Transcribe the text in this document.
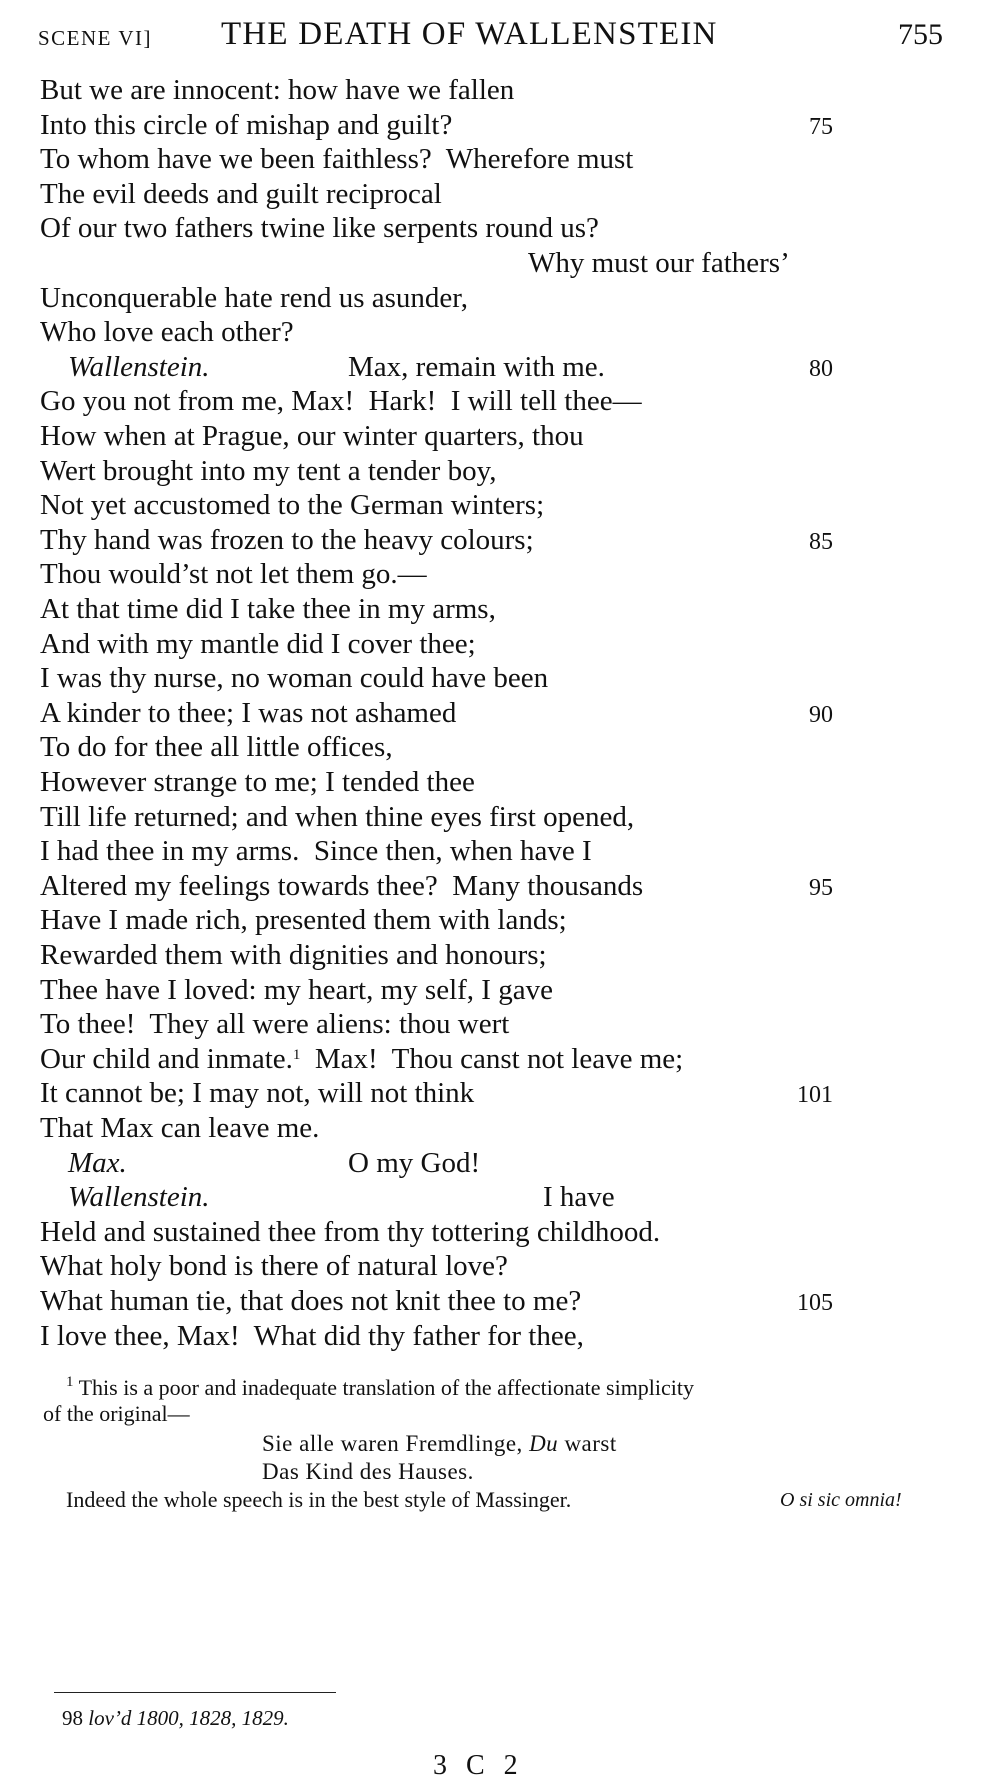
SCENE VI] THE DEATH OF WALLENSTEIN	755
But we are innocent: how have we fallen
Into this circle of mishap and guilt?	75
To whom have we been faithless?  Wherefore must
The evil deeds and guilt reciprocal
Of our two fathers twine like serpents round us?
Why must our fathers’
Unconquerable hate rend us asunder,
Who love each other?
Wallenstein.	Max, remain with me.	80
Go you not from me, Max!  Hark!  I will tell thee—
How when at Prague, our winter quarters, thou
Wert brought into my tent a tender boy,
Not yet accustomed to the German winters;
Thy hand was frozen to the heavy colours;	85
Thou would’st not let them go.—
At that time did I take thee in my arms,
And with my mantle did I cover thee;
I was thy nurse, no woman could have been
A kinder to thee; I was not ashamed	90
To do for thee all little offices,
However strange to me; I tended thee
Till life returned; and when thine eyes first opened,
I had thee in my arms.  Since then, when have I
Altered my feelings towards thee?  Many thousands	95
Have I made rich, presented them with lands;
Rewarded them with dignities and honours;
Thee have I loved: my heart, my self, I gave
To thee!  They all were aliens: thou wert
Our child and inmate.$^1$  Max!  Thou canst not leave me;
It cannot be; I may not, will not think	101
That Max can leave me.
Max.	O my God!
Wallenstein.	I have
Held and sustained thee from thy tottering childhood.
What holy bond is there of natural love?
What human tie, that does not knit thee to me?	105
I love thee, Max!  What did thy father for thee,
$^1$ This is a poor and inadequate translation of the affectionate simplicity
of the original—
Sie alle waren Fremdlinge, Du warst
Das Kind des Hauses.
Indeed the whole speech is in the best style of Massinger.	O si sic omnia!
98 lov’d 1800, 1828, 1829.
3 C 2
